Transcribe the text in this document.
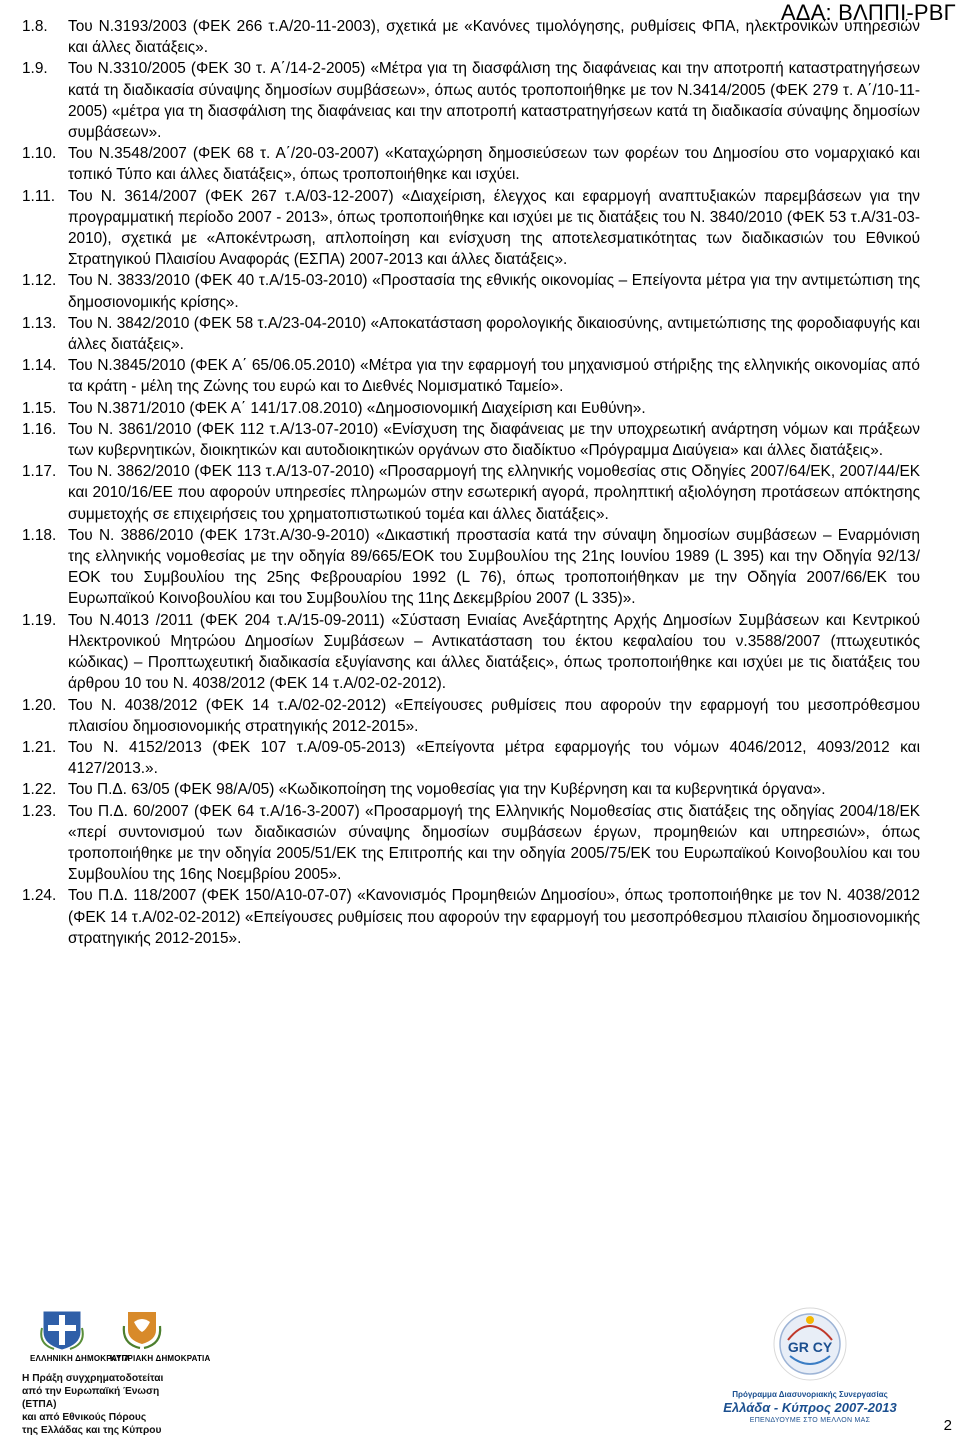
ΑΔΑ: ΒΛΠΠΙ-ΡΒΓ
1.8.	Του Ν.3193/2003 (ΦΕΚ 266 τ.Α/20-11-2003), σχετικά με «Κανόνες τιμολόγησης, ρυθμίσεις ΦΠΑ, ηλεκτρονικών υπηρεσιών και άλλες διατάξεις».
1.9.	Του Ν.3310/2005 (ΦΕΚ 30 τ. Α΄/14-2-2005) «Μέτρα για τη διασφάλιση της διαφάνειας και την αποτροπή καταστρατηγήσεων κατά τη διαδικασία σύναψης δημοσίων συμβάσεων», όπως αυτός τροποποιήθηκε με τον Ν.3414/2005 (ΦΕΚ 279 τ. Α΄/10-11-2005) «μέτρα για τη διασφάλιση της διαφάνειας και την αποτροπή καταστρατηγήσεων κατά τη διαδικασία σύναψης δημοσίων συμβάσεων».
1.10. Του Ν.3548/2007 (ΦΕΚ 68 τ. Α΄/20-03-2007) «Καταχώρηση δημοσιεύσεων των φορέων του Δημοσίου στο νομαρχιακό και τοπικό Τύπο και άλλες διατάξεις», όπως τροποποιήθηκε και ισχύει.
1.11. Του Ν. 3614/2007 (ΦΕΚ 267 τ.Α/03-12-2007) «Διαχείριση, έλεγχος και εφαρμογή αναπτυξιακών παρεμβάσεων για την προγραμματική περίοδο 2007 - 2013», όπως τροποποιήθηκε και ισχύει με τις διατάξεις του Ν. 3840/2010 (ΦΕΚ 53 τ.Α/31-03-2010), σχετικά με «Αποκέντρωση, απλοποίηση και ενίσχυση της αποτελεσματικότητας των διαδικασιών του Εθνικού Στρατηγικού Πλαισίου Αναφοράς (ΕΣΠΑ) 2007-2013 και άλλες διατάξεις».
1.12. Του Ν. 3833/2010 (ΦΕΚ 40 τ.Α/15-03-2010) «Προστασία της εθνικής οικονομίας – Επείγοντα μέτρα για την αντιμετώπιση της δημοσιονομικής κρίσης».
1.13. Του Ν. 3842/2010 (ΦΕΚ 58 τ.Α/23-04-2010) «Αποκατάσταση φορολογικής δικαιοσύνης, αντιμετώπισης της φοροδιαφυγής και άλλες διατάξεις».
1.14. Του Ν.3845/2010 (ΦΕΚ Α΄ 65/06.05.2010) «Μέτρα για την εφαρμογή του μηχανισμού στήριξης της ελληνικής οικονομίας από τα κράτη - μέλη της Ζώνης του ευρώ και το Διεθνές Νομισματικό Ταμείο».
1.15. Του Ν.3871/2010 (ΦΕΚ Α΄ 141/17.08.2010) «Δημοσιονομική Διαχείριση και Ευθύνη».
1.16. Του Ν. 3861/2010 (ΦΕΚ 112 τ.Α/13-07-2010) «Ενίσχυση της διαφάνειας με την υποχρεωτική ανάρτηση νόμων και πράξεων των κυβερνητικών, διοικητικών και αυτοδιοικητικών οργάνων στο διαδίκτυο «Πρόγραμμα Διαύγεια» και άλλες διατάξεις».
1.17. Του Ν. 3862/2010 (ΦΕΚ 113 τ.Α/13-07-2010) «Προσαρμογή της ελληνικής νομοθεσίας στις Οδηγίες 2007/64/ΕΚ, 2007/44/ΕΚ και 2010/16/ΕΕ που αφορούν υπηρεσίες πληρωμών στην εσωτερική αγορά, προληπτική αξιολόγηση προτάσεων απόκτησης συμμετοχής σε επιχειρήσεις του χρηματοπιστωτικού τομέα και άλλες διατάξεις».
1.18. Του Ν. 3886/2010 (ΦΕΚ 173τ.Α/30-9-2010) «Δικαστική προστασία κατά την σύναψη δημοσίων συμβάσεων – Εναρμόνιση της ελληνικής νομοθεσίας με την οδηγία 89/665/ΕΟΚ του Συμβουλίου της 21ης Ιουνίου 1989 (L 395) και την Οδηγία 92/13/ΕΟΚ του Συμβουλίου της 25ης Φεβρουαρίου 1992 (L 76), όπως τροποποιήθηκαν με την Οδηγία 2007/66/ΕΚ του Ευρωπαϊκού Κοινοβουλίου και του Συμβουλίου της 11ης Δεκεμβρίου 2007 (L 335)».
1.19. Του Ν.4013 /2011 (ΦΕΚ 204 τ.Α/15-09-2011) «Σύσταση Ενιαίας Ανεξάρτητης Αρχής Δημοσίων Συμβάσεων και Κεντρικού Ηλεκτρονικού Μητρώου Δημοσίων Συμβάσεων – Αντικατάσταση του έκτου κεφαλαίου του ν.3588/2007 (πτωχευτικός κώδικας) – Προπτωχευτική διαδικασία εξυγίανσης και άλλες διατάξεις», όπως τροποποιήθηκε και ισχύει με τις διατάξεις του άρθρου 10 του Ν. 4038/2012 (ΦΕΚ 14 τ.Α/02-02-2012).
1.20. Του Ν. 4038/2012 (ΦΕΚ 14 τ.Α/02-02-2012) «Επείγουσες ρυθμίσεις που αφορούν την εφαρμογή του μεσοπρόθεσμου πλαισίου δημοσιονομικής στρατηγικής 2012-2015».
1.21. Του Ν. 4152/2013 (ΦΕΚ 107 τ.Α/09-05-2013) «Επείγοντα μέτρα εφαρμογής του νόμων 4046/2012, 4093/2012 και 4127/2013.».
1.22. Του Π.Δ. 63/05 (ΦΕΚ 98/Α/05) «Κωδικοποίηση της νομοθεσίας για την Κυβέρνηση και τα κυβερνητικά όργανα».
1.23. Του Π.Δ. 60/2007 (ΦΕΚ 64 τ.Α/16-3-2007) «Προσαρμογή της Ελληνικής Νομοθεσίας στις διατάξεις της οδηγίας 2004/18/ΕΚ «περί συντονισμού των διαδικασιών σύναψης δημοσίων συμβάσεων έργων, προμηθειών και υπηρεσιών», όπως τροποποιήθηκε με την οδηγία 2005/51/ΕΚ της Επιτροπής και την οδηγία 2005/75/ΕΚ του Ευρωπαϊκού Κοινοβουλίου και του Συμβουλίου της 16ης Νοεμβρίου 2005».
1.24. Του Π.Δ. 118/2007 (ΦΕΚ 150/Α10-07-07) «Κανονισμός Προμηθειών Δημοσίου», όπως τροποποιήθηκε με τον Ν. 4038/2012 (ΦΕΚ 14 τ.Α/02-02-2012) «Επείγουσες ρυθμίσεις που αφορούν την εφαρμογή του μεσοπρόθεσμου πλαισίου δημοσιονομικής στρατηγικής 2012-2015».
ΕΛΛΗΝΙΚΗ ΔΗΜΟΚΡΑΤΙΑ
ΚΥΠΡΙΑΚΗ ΔΗΜΟΚΡΑΤΙΑ
Η Πράξη συγχρηματοδοτείται
από την Ευρωπαϊκή Ένωση (ΕΤΠΑ)
και από Εθνικούς Πόρους
της Ελλάδας και της Κύπρου
GR CY
Πρόγραμμα Διασυνοριακής Συνεργασίας
Ελλάδα - Κύπρος 2007-2013
ΕΠΕΝΔΥΟΥΜΕ ΣΤΟ ΜΕΛΛΟΝ ΜΑΣ	2
